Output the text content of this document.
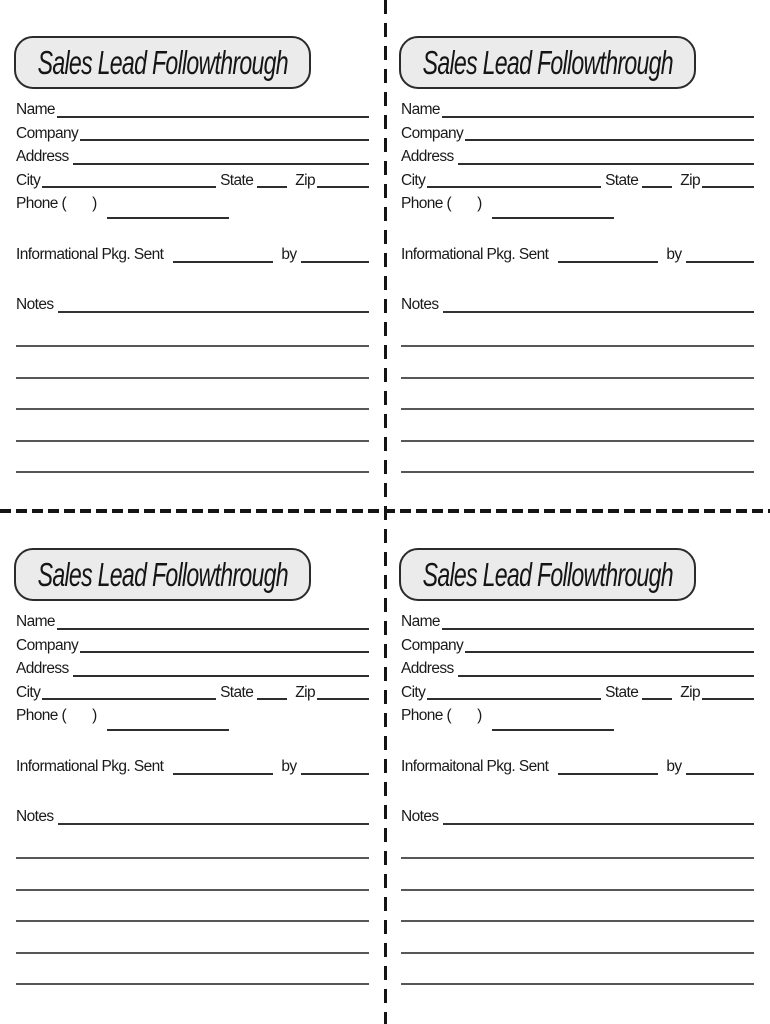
Sales Lead Followthrough
Name
Company
Address
City	State	Zip
Phone ( )
Informational Pkg. Sent	by
Notes
Sales Lead Followthrough
Name
Company
Address
City	State	Zip
Phone ( )
Informational Pkg. Sent	by
Notes
Sales Lead Followthrough
Name
Company
Address
City	State	Zip
Phone ( )
Informational Pkg. Sent	by
Notes
Sales Lead Followthrough
Name
Company
Address
City	State	Zip
Phone ( )
Informaitonal Pkg. Sent	by
Notes
